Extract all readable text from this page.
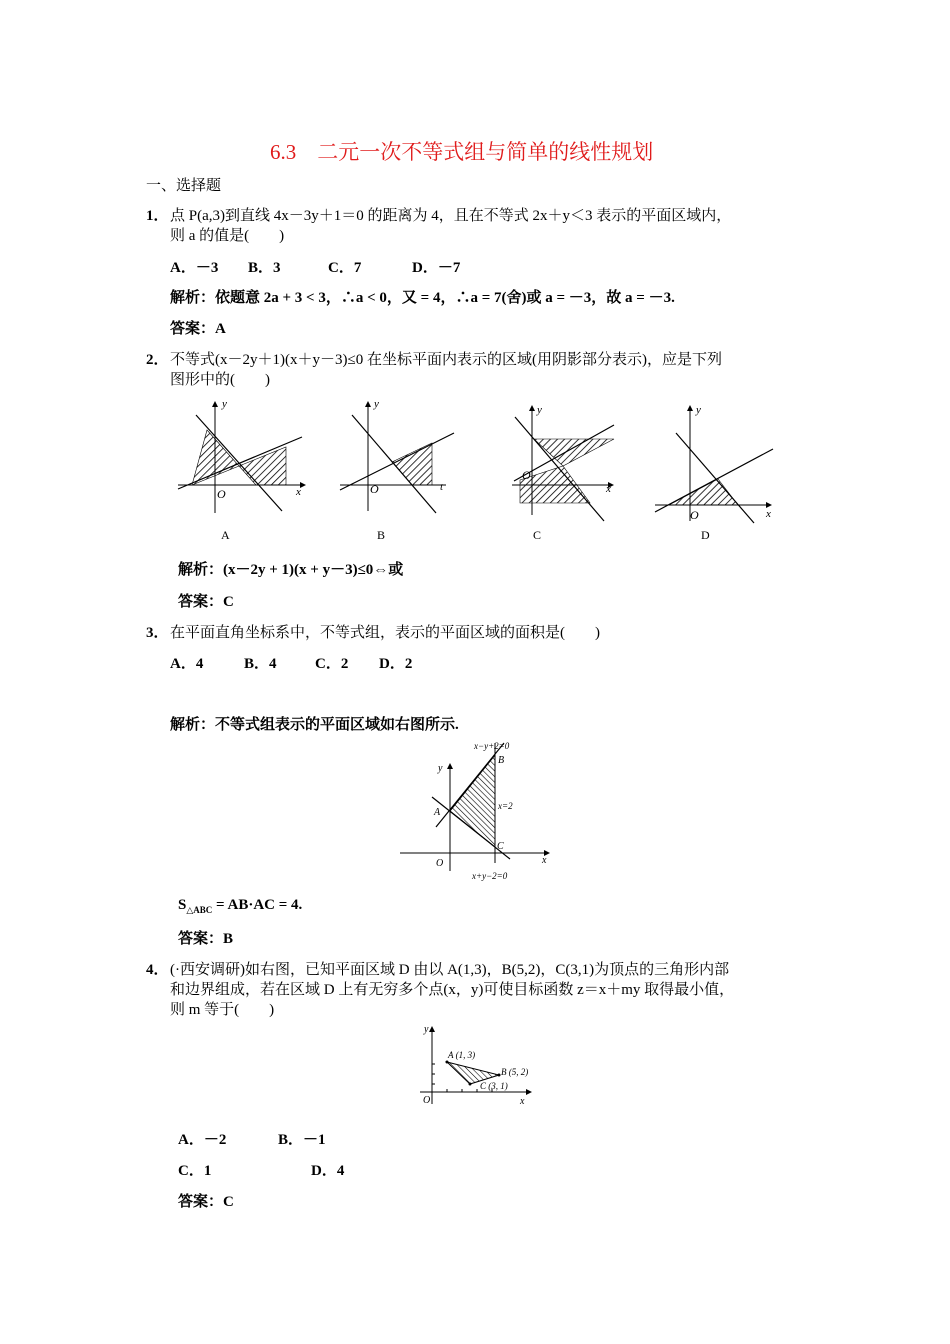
6.3　二元一次不等式组与简单的线性规划
一、选择题
1． 点 P(a,3)到直线 4x－3y＋1＝0 的距离为 4，且在不等式 2x＋y＜3 表示的平面区域内，
则 a 的值是(　　)
A．－3 B．3	C．7	D．－7
解析：依题意 2a + 3 < 3，∴a < 0，又 = 4，∴a = 7(舍)或 a = －3，故 a = －3.
答案：A
2． 不等式(x－2y＋1)(x＋y－3)≤0 在坐标平面内表示的区域(用阴影部分表示)，应是下列
图形中的(　　)
y
x
O
A
y
t
O
B
y
x
O
C
y
x
O
D
解析：(x－2y + 1)(x + y－3)≤0⇔或
答案：C
3． 在平面直角坐标系中，不等式组，表示的平面区域的面积是(　　)
A．4	B．4	C．2 D．2
解析：不等式组表示的平面区域如右图所示.
x−y+2=0
B
x=2
A
C
O	x
y
x+y−2=0
$S_{\triangle ABC} = AB\cdot AC = 4$.
答案：B
4． (·西安调研)如右图，已知平面区域 D 由以 A(1,3)，B(5,2)，C(3,1)为顶点的三角形内部
和边界组成，若在区域 D 上有无穷多个点(x，y)可使目标函数 z＝x＋my 取得最小值，
则 m 等于(　　)
A (1, 3)
B (5, 2)
C (3, 1)
O	x
y
A．－2	B．－1
C．1	D．4
答案：C
